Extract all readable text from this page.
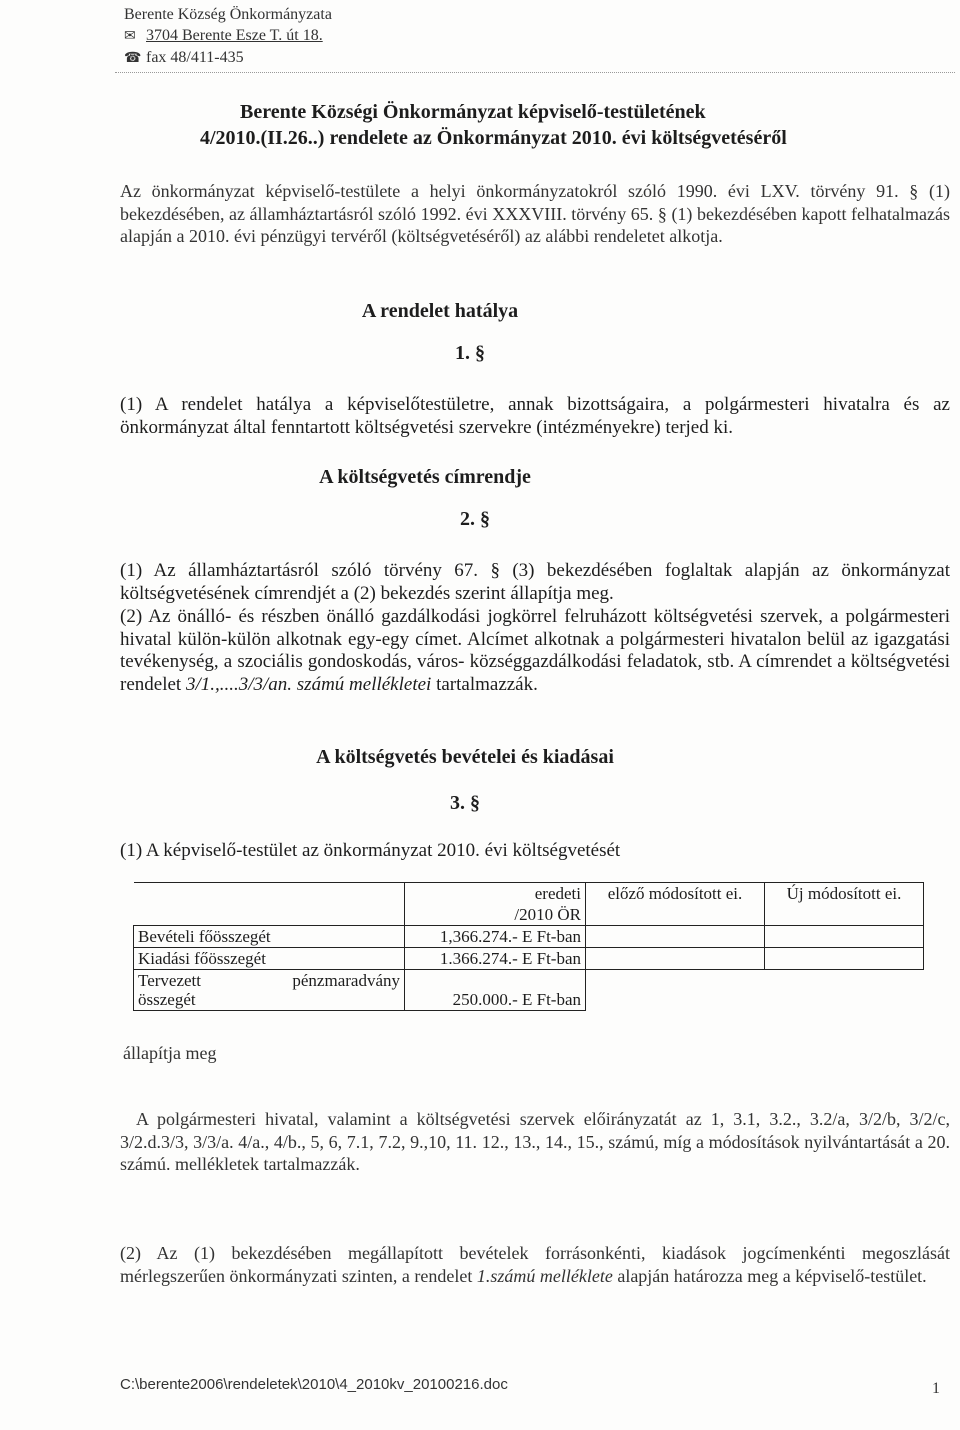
Berente Község Önkormányzata
✉ 3704 Berente Esze T. út 18.
☎ fax 48/411-435
Berente Községi Önkormányzat képviselő-testületének
4/2010.(II.26..) rendelete az Önkormányzat 2010. évi költségvetéséről
Az önkormányzat képviselő-testülete a helyi önkormányzatokról szóló 1990. évi LXV. törvény 91. § (1) bekezdésében, az államháztartásról szóló 1992. évi XXXVIII. törvény 65. § (1) bekezdésében kapott felhatalmazás alapján a 2010. évi pénzügyi tervéről (költségvetéséről) az alábbi rendeletet alkotja.
A rendelet hatálya
1. §
(1) A rendelet hatálya a képviselőtestületre, annak bizottságaira, a polgármesteri hivatalra és az önkormányzat által fenntartott költségvetési szervekre (intézményekre) terjed ki.
A költségvetés címrendje
2. §
(1) Az államháztartásról szóló törvény 67. § (3) bekezdésében foglaltak alapján az önkormányzat költségvetésének címrendjét a (2) bekezdés szerint állapítja meg.
(2) Az önálló- és részben önálló gazdálkodási jogkörrel felruházott költségvetési szervek, a polgármesteri hivatal külön-külön alkotnak egy-egy címet. Alcímet alkotnak a polgármesteri hivatalon belül az igazgatási tevékenység, a szociális gondoskodás, város- községgazdálkodási feladatok, stb. A címrendet a költségvetési rendelet 3/1.,....3/3/an. számú mellékletei tartalmazzák.
A költségvetés bevételei és kiadásai
3. §
(1) A képviselő-testület az önkormányzat 2010. évi költségvetését

	eredeti	előző módosított ei.	Új módosított ei.
	/2010 ÖR		
Bevételi főösszegét	1,366.274.- E Ft-ban		
Kiadási főösszegét	1.366.274.- E Ft-ban		

Tervezett pénzmaradvány
összegét	250.000.- E Ft-ban		
állapítja meg
A polgármesteri hivatal, valamint a költségvetési szervek előirányzatát az 1, 3.1, 3.2., 3.2/a, 3/2/b, 3/2/c, 3/2.d.3/3, 3/3/a. 4/a., 4/b., 5, 6, 7.1, 7.2, 9.,10, 11. 12., 13., 14., 15., számú, míg a módosítások nyilvántartását a 20. számú. mellékletek tartalmazzák.
(2) Az (1) bekezdésében megállapított bevételek forrásonkénti, kiadások jogcímenkénti megoszlását mérlegszerűen önkormányzati szinten, a rendelet 1.számú melléklete alapján határozza meg a képviselő-testület.
C:\berente2006\rendeletek\2010\4_2010kv_20100216.doc	1
